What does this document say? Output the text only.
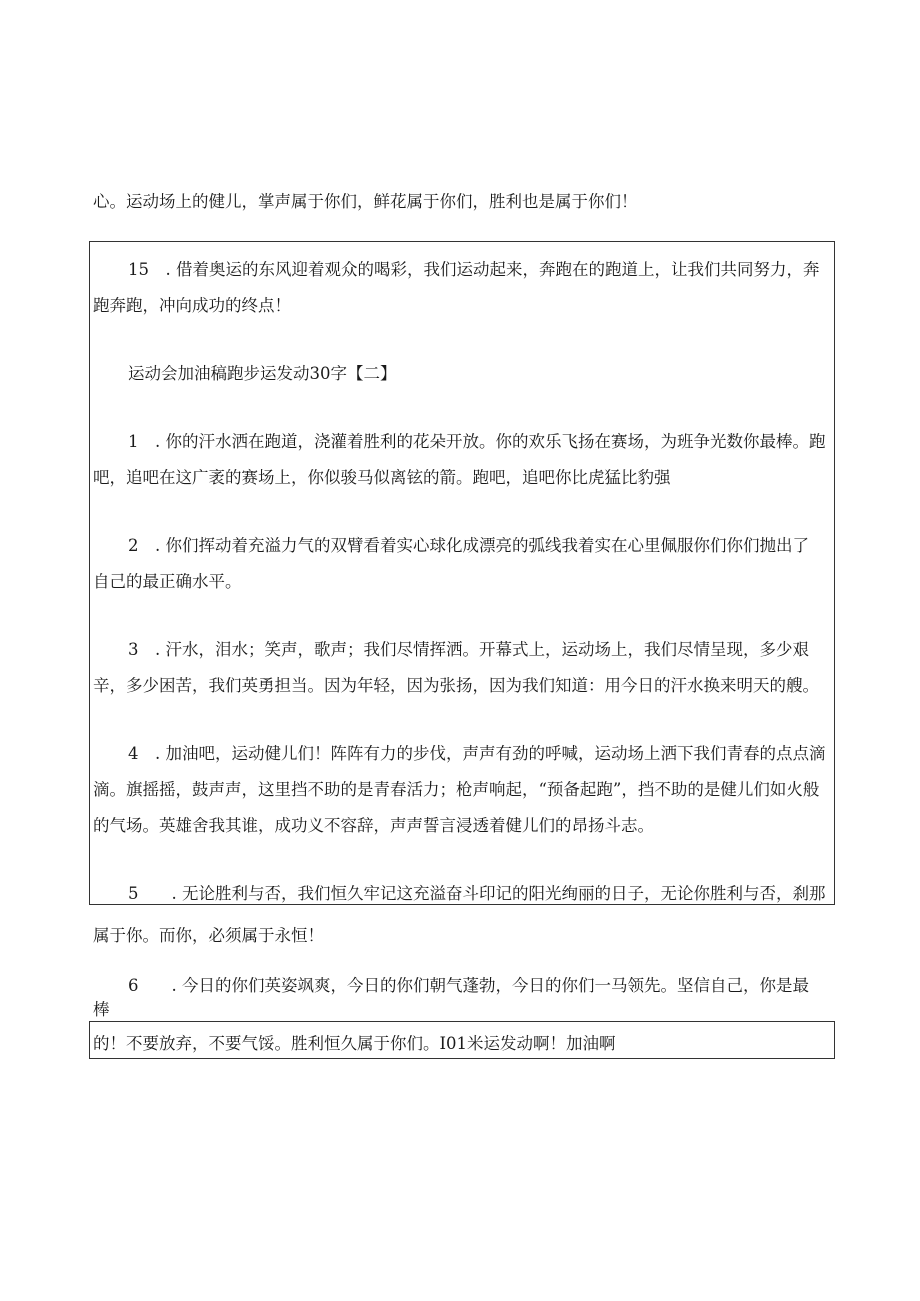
心。运动场上的健儿，掌声属于你们，鲜花属于你们，胜利也是属于你们！
15　. 借着奥运的东风迎着观众的喝彩，我们运动起来，奔跑在的跑道上，让我们共同努力，奔
跑奔跑，冲向成功的终点！
运动会加油稿跑步运发动30字【二】
1　. 你的汗水洒在跑道，浇灌着胜利的花朵开放。你的欢乐飞扬在赛场，为班争光数你最棒。跑
吧，追吧在这广袤的赛场上，你似骏马似离铉的箭。跑吧，追吧你比虎猛比豹强
2　. 你们挥动着充溢力气的双臂看着实心球化成漂亮的弧线我着实在心里佩服你们你们抛出了
自己的最正确水平。
3　. 汗水，泪水；笑声，歌声；我们尽情挥洒。开幕式上，运动场上，我们尽情呈现，多少艰
辛，多少困苦，我们英勇担当。因为年轻，因为张扬，因为我们知道：用今日的汗水换来明天的艘。
4　. 加油吧，运动健儿们！阵阵有力的步伐，声声有劲的呼喊，运动场上洒下我们青春的点点滴
滴。旗摇摇，鼓声声，这里挡不助的是青春活力；枪声响起，“预备起跑”，挡不助的是健儿们如火般
的气场。英雄舍我其谁，成功义不容辞，声声誓言浸透着健儿们的昂扬斗志。
5　　. 无论胜利与否，我们恒久牢记这充溢奋斗印记的阳光绚丽的日子，无论你胜利与否，刹那
属于你。而你，必须属于永恒！
6　　. 今日的你们英姿飒爽，今日的你们朝气蓬勃，今日的你们一马领先。坚信自己，你是最
棒
的！不要放弃，不要气馁。胜利恒久属于你们。I01米运发动啊！加油啊
